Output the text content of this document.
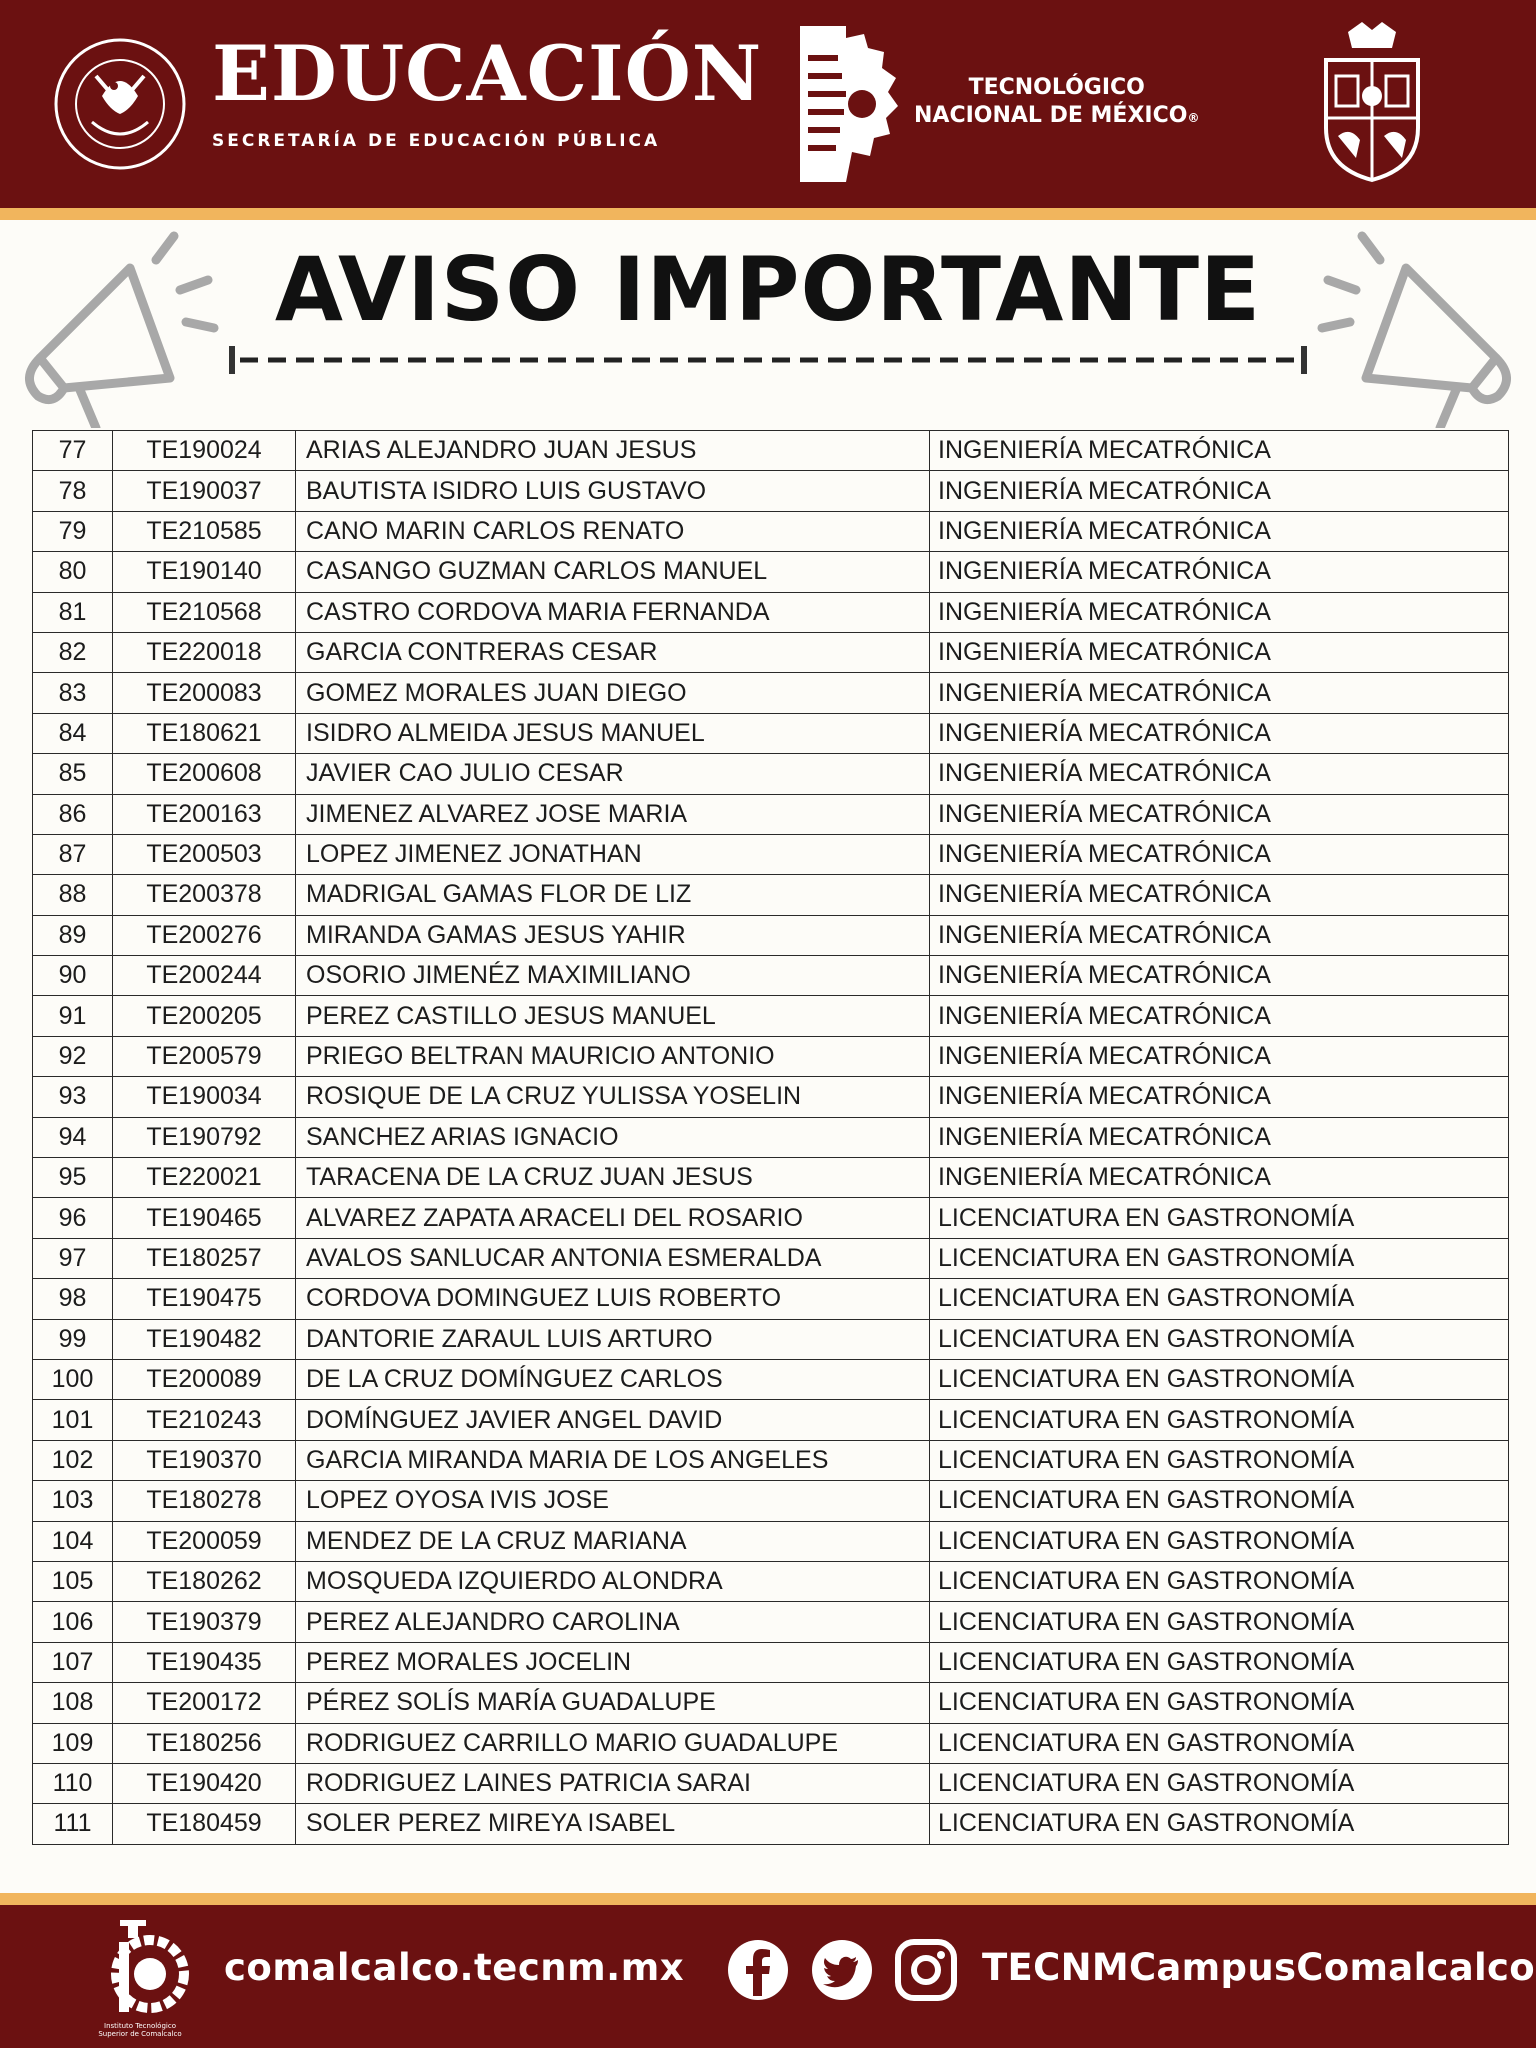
EDUCACIÓN
SECRETARÍA DE EDUCACIÓN PÚBLICA
TECNOLÓGICO
NACIONAL DE MÉXICO®
AVISO IMPORTANTE
77	TE190024	ARIAS ALEJANDRO JUAN JESUS	INGENIERÍA MECATRÓNICA
78	TE190037	BAUTISTA ISIDRO LUIS GUSTAVO	INGENIERÍA MECATRÓNICA
79	TE210585	CANO MARIN CARLOS RENATO	INGENIERÍA MECATRÓNICA
80	TE190140	CASANGO GUZMAN CARLOS MANUEL	INGENIERÍA MECATRÓNICA
81	TE210568	CASTRO CORDOVA MARIA FERNANDA	INGENIERÍA MECATRÓNICA
82	TE220018	GARCIA CONTRERAS CESAR	INGENIERÍA MECATRÓNICA
83	TE200083	GOMEZ MORALES JUAN DIEGO	INGENIERÍA MECATRÓNICA
84	TE180621	ISIDRO ALMEIDA JESUS MANUEL	INGENIERÍA MECATRÓNICA
85	TE200608	JAVIER CAO JULIO CESAR	INGENIERÍA MECATRÓNICA
86	TE200163	JIMENEZ ALVAREZ JOSE MARIA	INGENIERÍA MECATRÓNICA
87	TE200503	LOPEZ JIMENEZ JONATHAN	INGENIERÍA MECATRÓNICA
88	TE200378	MADRIGAL GAMAS FLOR DE LIZ	INGENIERÍA MECATRÓNICA
89	TE200276	MIRANDA GAMAS JESUS YAHIR	INGENIERÍA MECATRÓNICA
90	TE200244	OSORIO JIMENÉZ MAXIMILIANO	INGENIERÍA MECATRÓNICA
91	TE200205	PEREZ CASTILLO JESUS MANUEL	INGENIERÍA MECATRÓNICA
92	TE200579	PRIEGO BELTRAN MAURICIO ANTONIO	INGENIERÍA MECATRÓNICA
93	TE190034	ROSIQUE DE LA CRUZ YULISSA YOSELIN	INGENIERÍA MECATRÓNICA
94	TE190792	SANCHEZ ARIAS IGNACIO	INGENIERÍA MECATRÓNICA
95	TE220021	TARACENA DE LA CRUZ JUAN JESUS	INGENIERÍA MECATRÓNICA
96	TE190465	ALVAREZ ZAPATA ARACELI DEL ROSARIO	LICENCIATURA EN GASTRONOMÍA
97	TE180257	AVALOS SANLUCAR ANTONIA ESMERALDA	LICENCIATURA EN GASTRONOMÍA
98	TE190475	CORDOVA DOMINGUEZ LUIS ROBERTO	LICENCIATURA EN GASTRONOMÍA
99	TE190482	DANTORIE ZARAUL LUIS ARTURO	LICENCIATURA EN GASTRONOMÍA
100	TE200089	DE LA CRUZ DOMÍNGUEZ CARLOS	LICENCIATURA EN GASTRONOMÍA
101	TE210243	DOMÍNGUEZ JAVIER ANGEL DAVID	LICENCIATURA EN GASTRONOMÍA
102	TE190370	GARCIA MIRANDA MARIA DE LOS ANGELES	LICENCIATURA EN GASTRONOMÍA
103	TE180278	LOPEZ OYOSA IVIS JOSE	LICENCIATURA EN GASTRONOMÍA
104	TE200059	MENDEZ DE LA CRUZ MARIANA	LICENCIATURA EN GASTRONOMÍA
105	TE180262	MOSQUEDA IZQUIERDO ALONDRA	LICENCIATURA EN GASTRONOMÍA
106	TE190379	PEREZ ALEJANDRO CAROLINA	LICENCIATURA EN GASTRONOMÍA
107	TE190435	PEREZ MORALES JOCELIN	LICENCIATURA EN GASTRONOMÍA
108	TE200172	PÉREZ SOLÍS MARÍA GUADALUPE	LICENCIATURA EN GASTRONOMÍA
109	TE180256	RODRIGUEZ CARRILLO MARIO GUADALUPE	LICENCIATURA EN GASTRONOMÍA
110	TE190420	RODRIGUEZ LAINES PATRICIA SARAI	LICENCIATURA EN GASTRONOMÍA
111	TE180459	SOLER PEREZ MIREYA ISABEL	LICENCIATURA EN GASTRONOMÍA
Instituto Tecnológico
Superior de Comalcalco
comalcalco.tecnm.mx	TECNMCampusComalcalco
